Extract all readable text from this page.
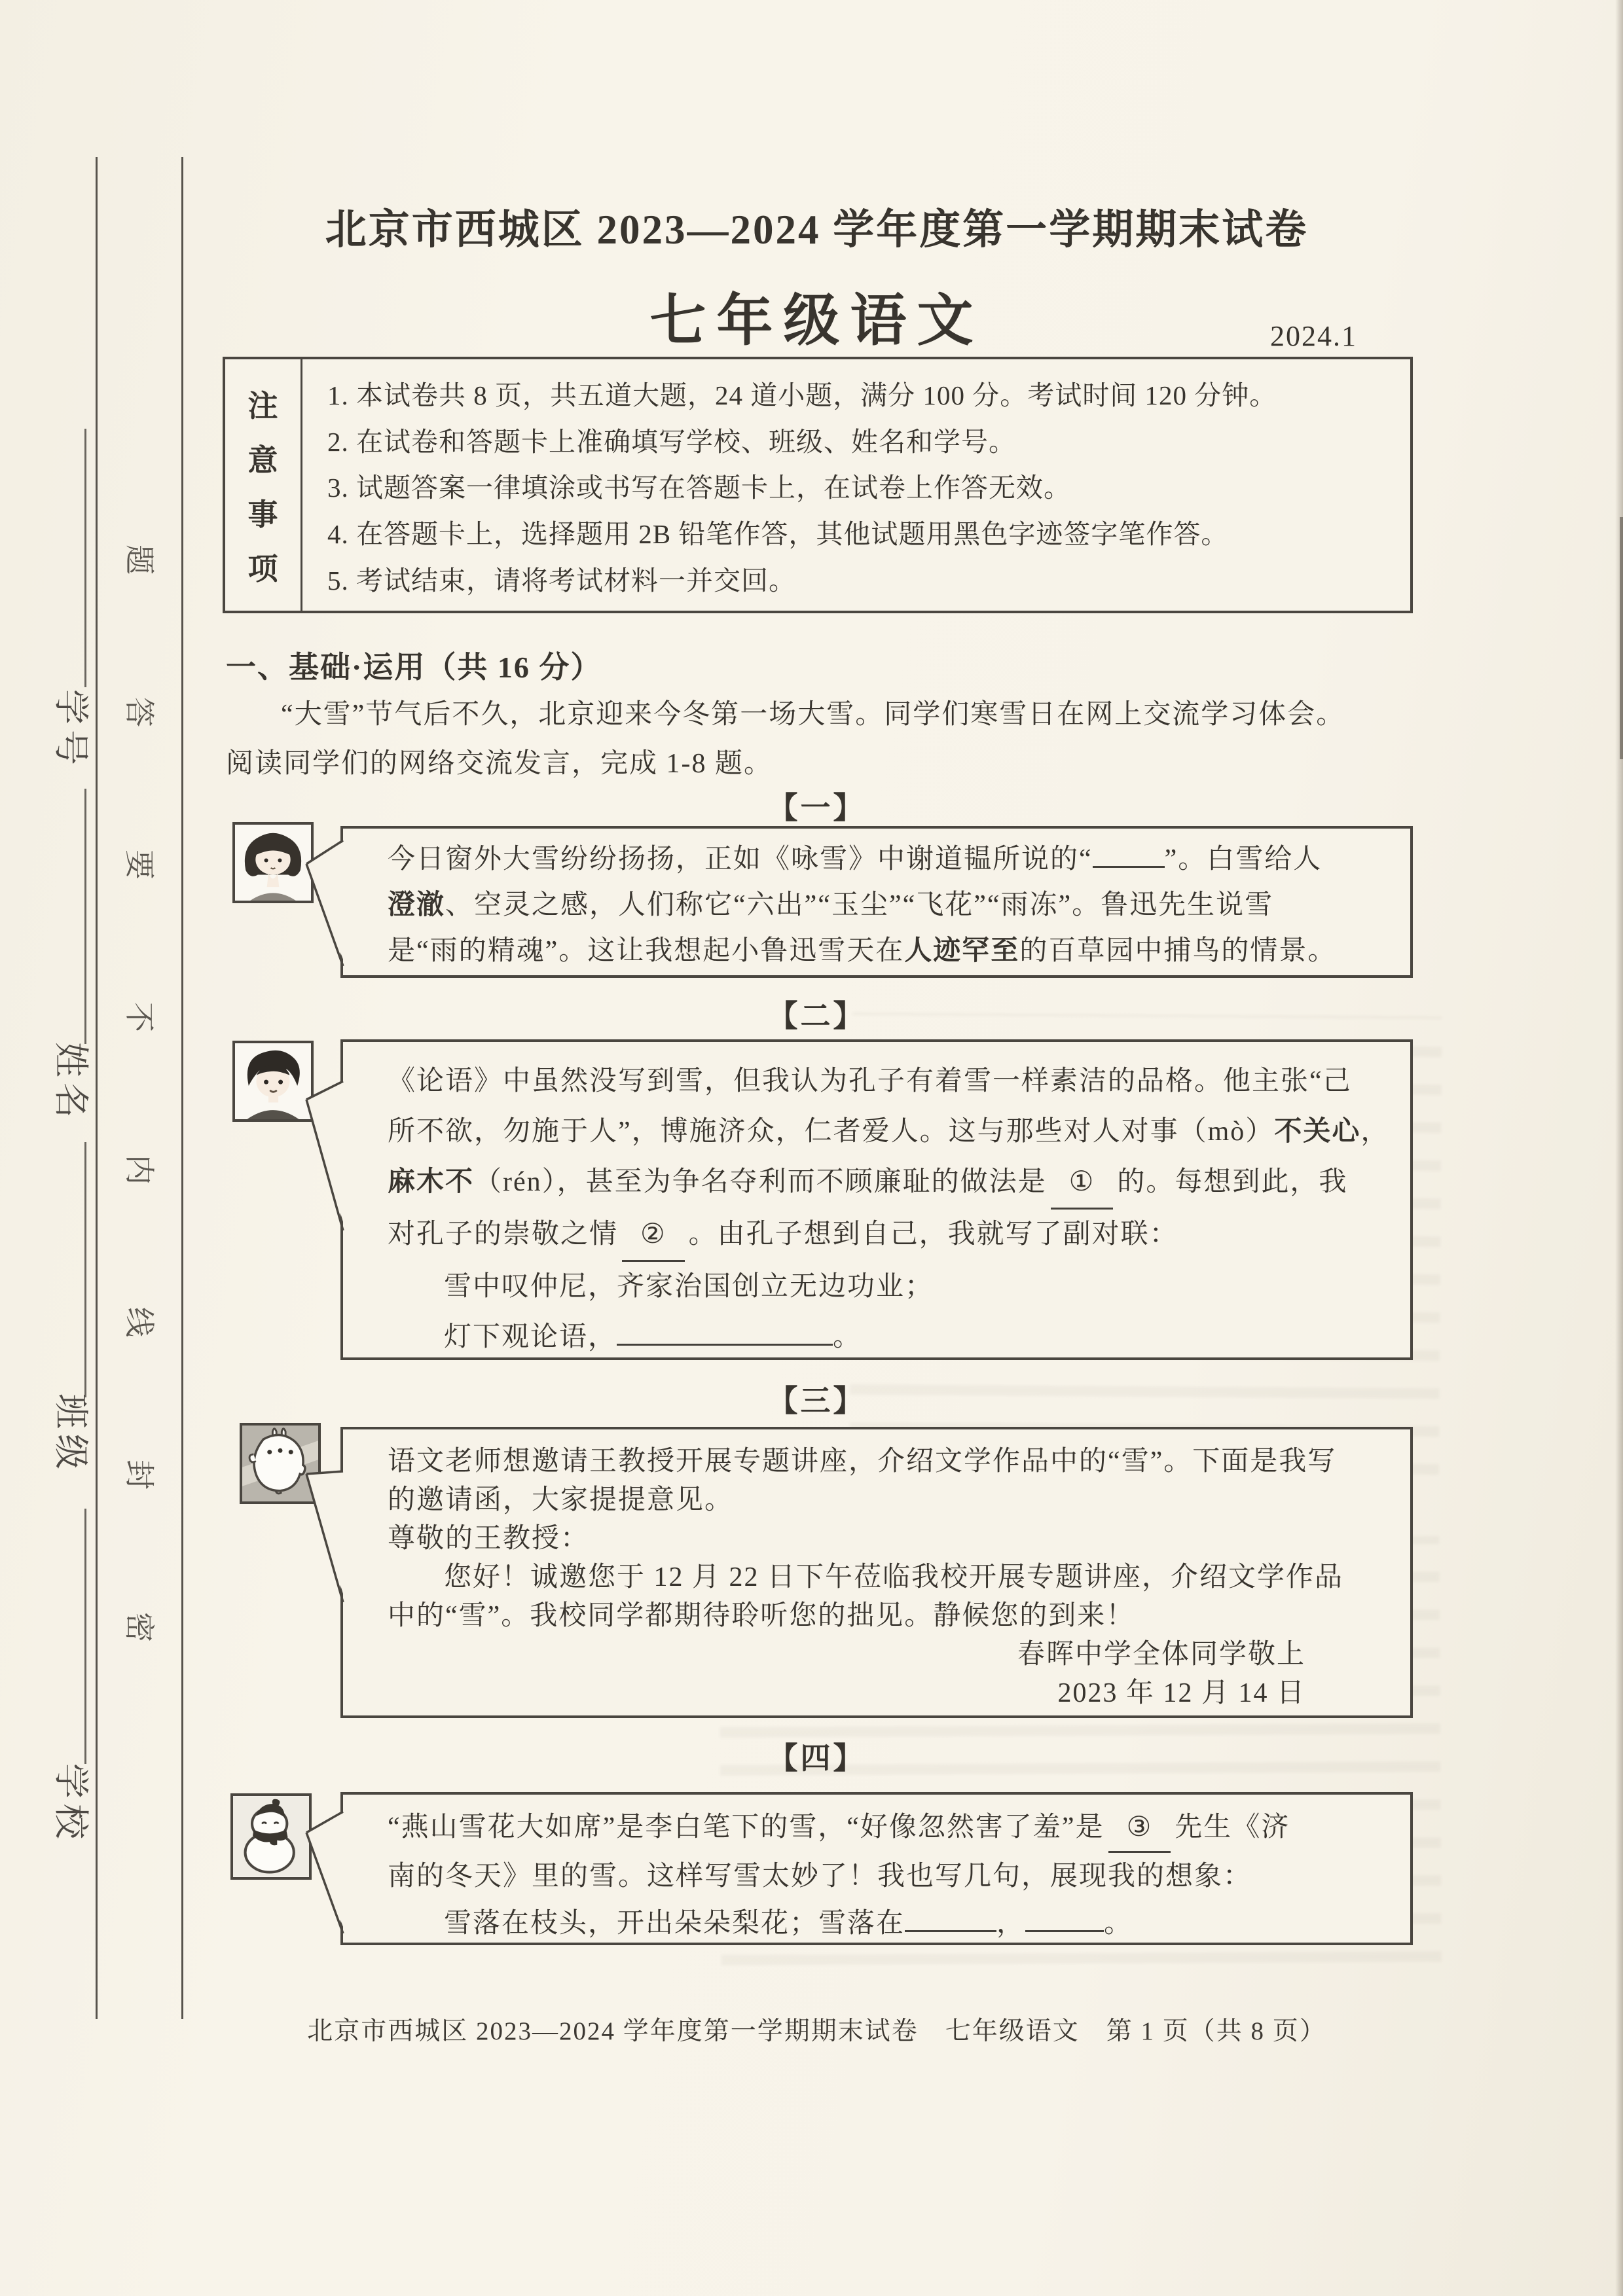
题
答
要
不
内
线
封
密
学号
姓名
班级
学校
北京市西城区 2023—2024 学年度第一学期期末试卷
七年级语文	2024.1
注
意
事
项
1. 本试卷共 8 页，共五道大题，24 道小题，满分 100 分。考试时间 120 分钟。
2. 在试卷和答题卡上准确填写学校、班级、姓名和学号。
3. 试题答案一律填涂或书写在答题卡上，在试卷上作答无效。
4. 在答题卡上，选择题用 2B 铅笔作答，其他试题用黑色字迹签字笔作答。
5. 考试结束，请将考试材料一并交回。
一、基础·运用（共 16 分）
“大雪”节气后不久，北京迎来今冬第一场大雪。同学们寒雪日在网上交流学习体会。
阅读同学们的网络交流发言，完成 1-8 题。
【一】
今日窗外大雪纷纷扬扬，正如《咏雪》中谢道韫所说的“	”。白雪给人
澄澈、空灵之感，人们称它“六出”“玉尘”“飞花”“雨冻”。鲁迅先生说雪
是“雨的精魂”。这让我想起小鲁迅雪天在人迹罕至的百草园中捕鸟的情景。
【二】
《论语》中虽然没写到雪，但我认为孔子有着雪一样素洁的品格。他主张“己
所不欲，勿施于人”，博施济众，仁者爱人。这与那些对人对事（mò）不关心，
麻木不（rén），甚至为争名夺利而不顾廉耻的做法是 ① 的。每想到此，我
对孔子的崇敬之情 ② 。由孔子想到自己，我就写了副对联：
雪中叹仲尼，齐家治国创立无边功业；
灯下观论语，	。
【三】
语文老师想邀请王教授开展专题讲座，介绍文学作品中的“雪”。下面是我写
的邀请函，大家提提意见。
尊敬的王教授：
您好！诚邀您于 12 月 22 日下午莅临我校开展专题讲座，介绍文学作品
中的“雪”。我校同学都期待聆听您的拙见。静候您的到来！
春晖中学全体同学敬上
2023 年 12 月 14 日
【四】
“燕山雪花大如席”是李白笔下的雪，“好像忽然害了羞”是 ③ 先生《济
南的冬天》里的雪。这样写雪太妙了！我也写几句，展现我的想象：
雪落在枝头，开出朵朵梨花；雪落在	，	。
北京市西城区 2023—2024 学年度第一学期期末试卷　七年级语文　第 1 页（共 8 页）
